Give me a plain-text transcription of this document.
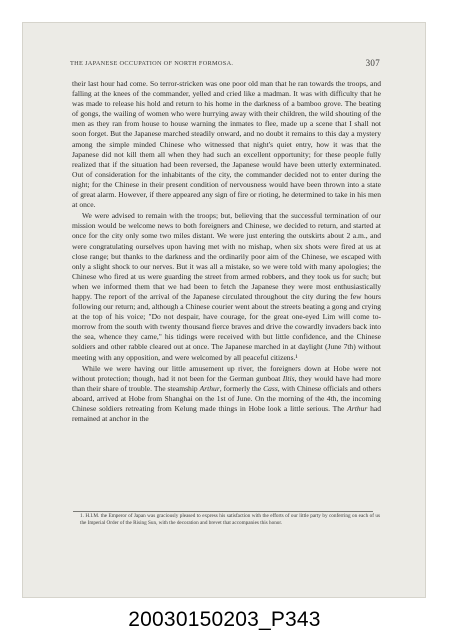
THE JAPANESE OCCUPATION OF NORTH FORMOSA.	307

their last hour had come. So terror-stricken was one poor old man that he ran towards the troops, and falling at the knees of the commander, yelled and cried like a madman. It was with difficulty that he was made to release his hold and return to his home in the darkness of a bamboo grove. The beating of gongs, the wailing of women who were hurrying away with their children, the wild shouting of the men as they ran from house to house warning the inmates to flee, made up a scene that I shall not soon forget. But the Japanese marched steadily onward, and no doubt it remains to this day a mystery among the simple minded Chinese who witnessed that night's quiet entry, how it was that the Japanese did not kill them all when they had such an excellent opportunity; for these people fully realized that if the situation had been reversed, the Japanese would have been utterly exterminated. Out of consideration for the inhabitants of the city, the commander decided not to enter during the night; for the Chinese in their present condition of nervousness would have been thrown into a state of great alarm. However, if there appeared any sign of fire or rioting, he determined to take in his men at once.

We were advised to remain with the troops; but, believing that the successful termination of our mission would be welcome news to both foreigners and Chinese, we decided to return, and started at once for the city only some two miles distant. We were just entering the outskirts about 2 a.m., and were congratulating ourselves upon having met with no mishap, when six shots were fired at us at close range; but thanks to the darkness and the ordinarily poor aim of the Chinese, we escaped with only a slight shock to our nerves. But it was all a mistake, so we were told with many apologies; the Chinese who fired at us were guarding the street from armed robbers, and they took us for such; but when we informed them that we had been to fetch the Japanese they were most enthusiastically happy. The report of the arrival of the Japanese circulated throughout the city during the few hours following our return; and, although a Chinese courier went about the streets beating a gong and crying at the top of his voice; "Do not despair, have courage, for the great one-eyed Lim will come to-morrow from the south with twenty thousand fierce braves and drive the cowardly invaders back into the sea, whence they came," his tidings were received with but little confidence, and the Chinese soldiers and other rabble cleared out at once. The Japanese marched in at daylight (June 7th) without meeting with any opposition, and were welcomed by all peaceful citizens.¹

While we were having our little amusement up river, the foreigners down at Hobe were not without protection; though, had it not been for the German gunboat Iltis, they would have had more than their share of trouble. The steamship Arthur, formerly the Cass, with Chinese officials and others aboard, arrived at Hobe from Shanghai on the 1st of June. On the morning of the 4th, the incoming Chinese soldiers retreating from Kelung made things in Hobe look a little serious. The Arthur had remained at anchor in the

1. H.I.M. the Emperor of Japan was graciously pleased to express his satisfaction with the efforts of our little party by conferring on each of us the Imperial Order of the Rising Sun, with the decoration and brevet that accompanies this honor.

20030150203_P343
